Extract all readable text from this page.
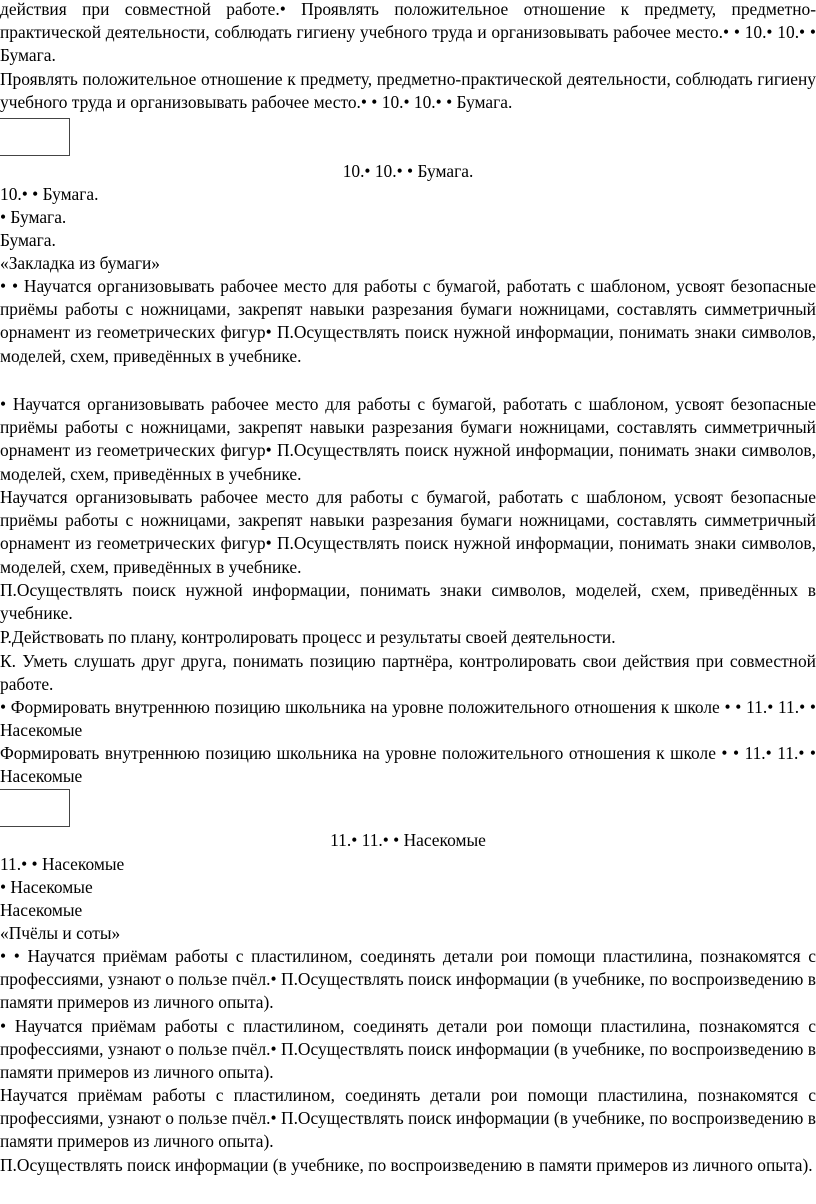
действия при совместной работе.• Проявлять положительное отношение к предмету, предметно-практической деятельности, соблюдать гигиену учебного труда и организовывать рабочее место.• • 10.• 10.• • Бумага.

Проявлять положительное отношение к предмету, предметно-практической деятельности, соблюдать гигиену учебного труда и организовывать рабочее место.• • 10.• 10.• • Бумага.

10.• 10.• • Бумага.
10.• • Бумага.
• Бумага.
Бумага.
«Закладка из бумаги»

• • Научатся организовывать рабочее место для работы с бумагой, работать с шаблоном, усвоят безопасные приёмы работы с ножницами, закрепят навыки разрезания бумаги ножницами, составлять симметричный орнамент из геометрических фигур• П.Осуществлять поиск нужной информации, понимать знаки символов, моделей, схем, приведённых в учебнике.

• Научатся организовывать рабочее место для работы с бумагой, работать с шаблоном, усвоят безопасные приёмы работы с ножницами, закрепят навыки разрезания бумаги ножницами, составлять симметричный орнамент из геометрических фигур• П.Осуществлять поиск нужной информации, понимать знаки символов, моделей, схем, приведённых в учебнике.

Научатся организовывать рабочее место для работы с бумагой, работать с шаблоном, усвоят безопасные приёмы работы с ножницами, закрепят навыки разрезания бумаги ножницами, составлять симметричный орнамент из геометрических фигур• П.Осуществлять поиск нужной информации, понимать знаки символов, моделей, схем, приведённых в учебнике.

П.Осуществлять поиск нужной информации, понимать знаки символов, моделей, схем, приведённых в учебнике.

Р.Действовать по плану, контролировать процесс и результаты своей деятельности.

К. Уметь слушать друг друга, понимать позицию партнёра, контролировать свои действия при совместной работе.

• Формировать внутреннюю позицию школьника на уровне положительного отношения к школе • • 11.• 11.• • Насекомые

Формировать внутреннюю позицию школьника на уровне положительного отношения к школе • • 11.• 11.• • Насекомые

11.• 11.• • Насекомые
11.• • Насекомые
• Насекомые
Насекомые
«Пчёлы и соты»

• • Научатся приёмам работы с пластилином, соединять детали рои помощи пластилина, познакомятся с профессиями, узнают о пользе пчёл.• П.Осуществлять поиск информации (в учебнике, по воспроизведению в памяти примеров из личного опыта).

• Научатся приёмам работы с пластилином, соединять детали рои помощи пластилина, познакомятся с профессиями, узнают о пользе пчёл.• П.Осуществлять поиск информации (в учебнике, по воспроизведению в памяти примеров из личного опыта).

Научатся приёмам работы с пластилином, соединять детали рои помощи пластилина, познакомятся с профессиями, узнают о пользе пчёл.• П.Осуществлять поиск информации (в учебнике, по воспроизведению в памяти примеров из личного опыта).

П.Осуществлять поиск информации (в учебнике, по воспроизведению в памяти примеров из личного опыта).
